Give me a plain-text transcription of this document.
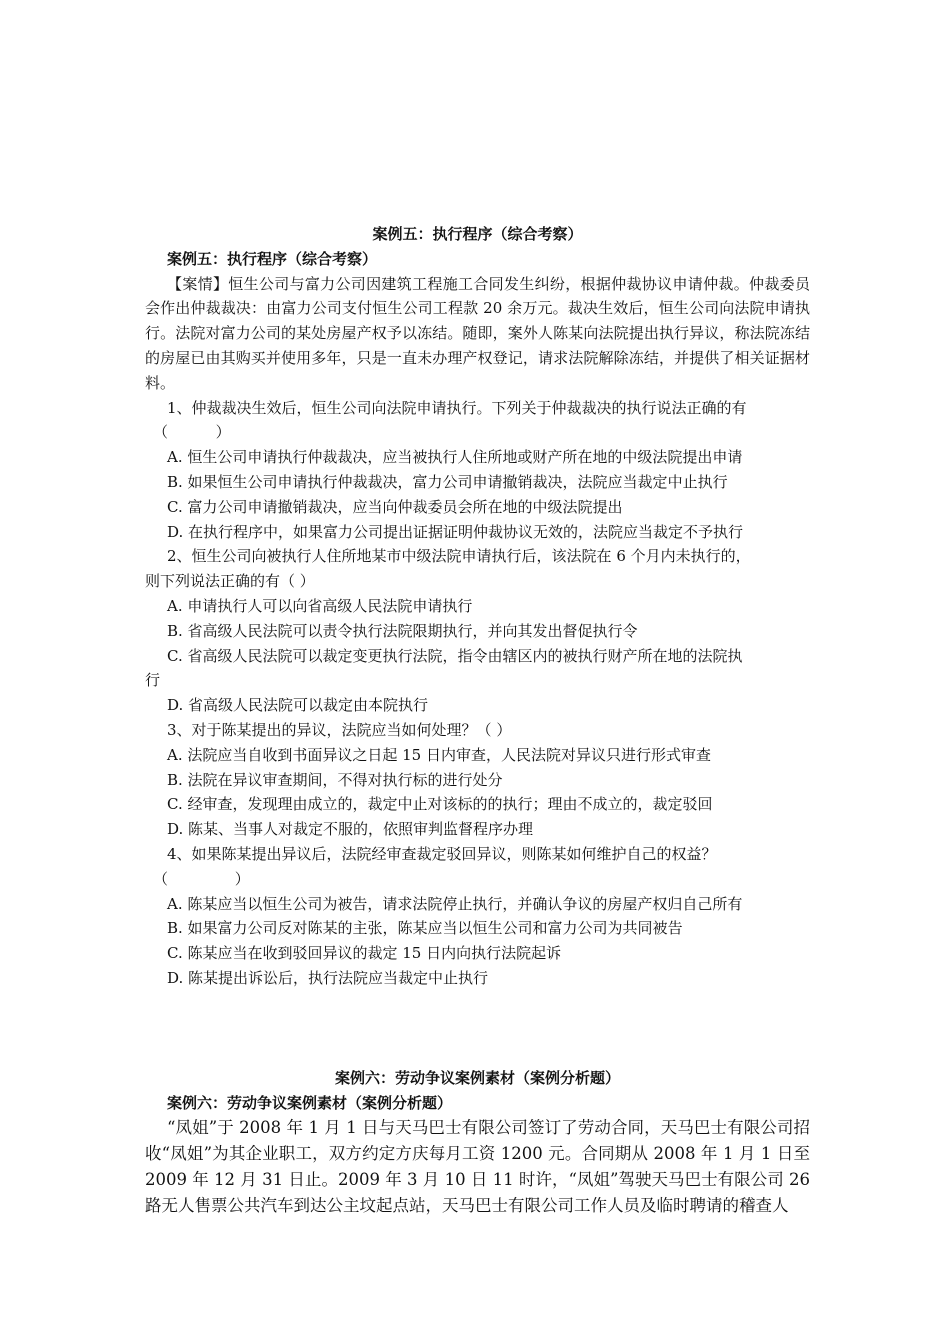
案例五：执行程序（综合考察）

案例五：执行程序（综合考察）

【案情】恒生公司与富力公司因建筑工程施工合同发生纠纷，根据仲裁协议申请仲裁。仲裁委员会作出仲裁裁决：由富力公司支付恒生公司工程款 20 余万元。裁决生效后，恒生公司向法院申请执行。法院对富力公司的某处房屋产权予以冻结。随即，案外人陈某向法院提出执行异议，称法院冻结的房屋已由其购买并使用多年，只是一直未办理产权登记，请求法院解除冻结，并提供了相关证据材料。

1、仲裁裁决生效后，恒生公司向法院申请执行。下列关于仲裁裁决的执行说法正确的有

（          ）

A. 恒生公司申请执行仲裁裁决，应当被执行人住所地或财产所在地的中级法院提出申请

B. 如果恒生公司申请执行仲裁裁决，富力公司申请撤销裁决，法院应当裁定中止执行

C. 富力公司申请撤销裁决，应当向仲裁委员会所在地的中级法院提出

D. 在执行程序中，如果富力公司提出证据证明仲裁协议无效的，法院应当裁定不予执行

2、恒生公司向被执行人住所地某市中级法院申请执行后，该法院在 6 个月内未执行的，

则下列说法正确的有（ ）

A. 申请执行人可以向省高级人民法院申请执行

B. 省高级人民法院可以责令执行法院限期执行，并向其发出督促执行令

C. 省高级人民法院可以裁定变更执行法院，指令由辖区内的被执行财产所在地的法院执

行

D. 省高级人民法院可以裁定由本院执行

3、对于陈某提出的异议，法院应当如何处理？（ ）

A. 法院应当自收到书面异议之日起 15 日内审查，人民法院对异议只进行形式审查

B. 法院在异议审查期间，不得对执行标的进行处分

C. 经审查，发现理由成立的，裁定中止对该标的的执行；理由不成立的，裁定驳回

D. 陈某、当事人对裁定不服的，依照审判监督程序办理

4、如果陈某提出异议后，法院经审查裁定驳回异议，则陈某如何维护自己的权益？

（              ）

A. 陈某应当以恒生公司为被告，请求法院停止执行，并确认争议的房屋产权归自己所有

B. 如果富力公司反对陈某的主张，陈某应当以恒生公司和富力公司为共同被告

C. 陈某应当在收到驳回异议的裁定 15 日内向执行法院起诉

D. 陈某提出诉讼后，执行法院应当裁定中止执行

案例六：劳动争议案例素材（案例分析题）

案例六：劳动争议案例素材（案例分析题）

“凤姐”于 2008 年 1 月 1 日与天马巴士有限公司签订了劳动合同，天马巴士有限公司招收“凤姐”为其企业职工，双方约定方庆每月工资 1200 元。合同期从 2008 年 1 月 1 日至 2009 年 12 月 31 日止。2009 年 3 月 10 日 11 时许，“凤姐”驾驶天马巴士有限公司 26 路无人售票公共汽车到达公主坟起点站，天马巴士有限公司工作人员及临时聘请的稽查人
